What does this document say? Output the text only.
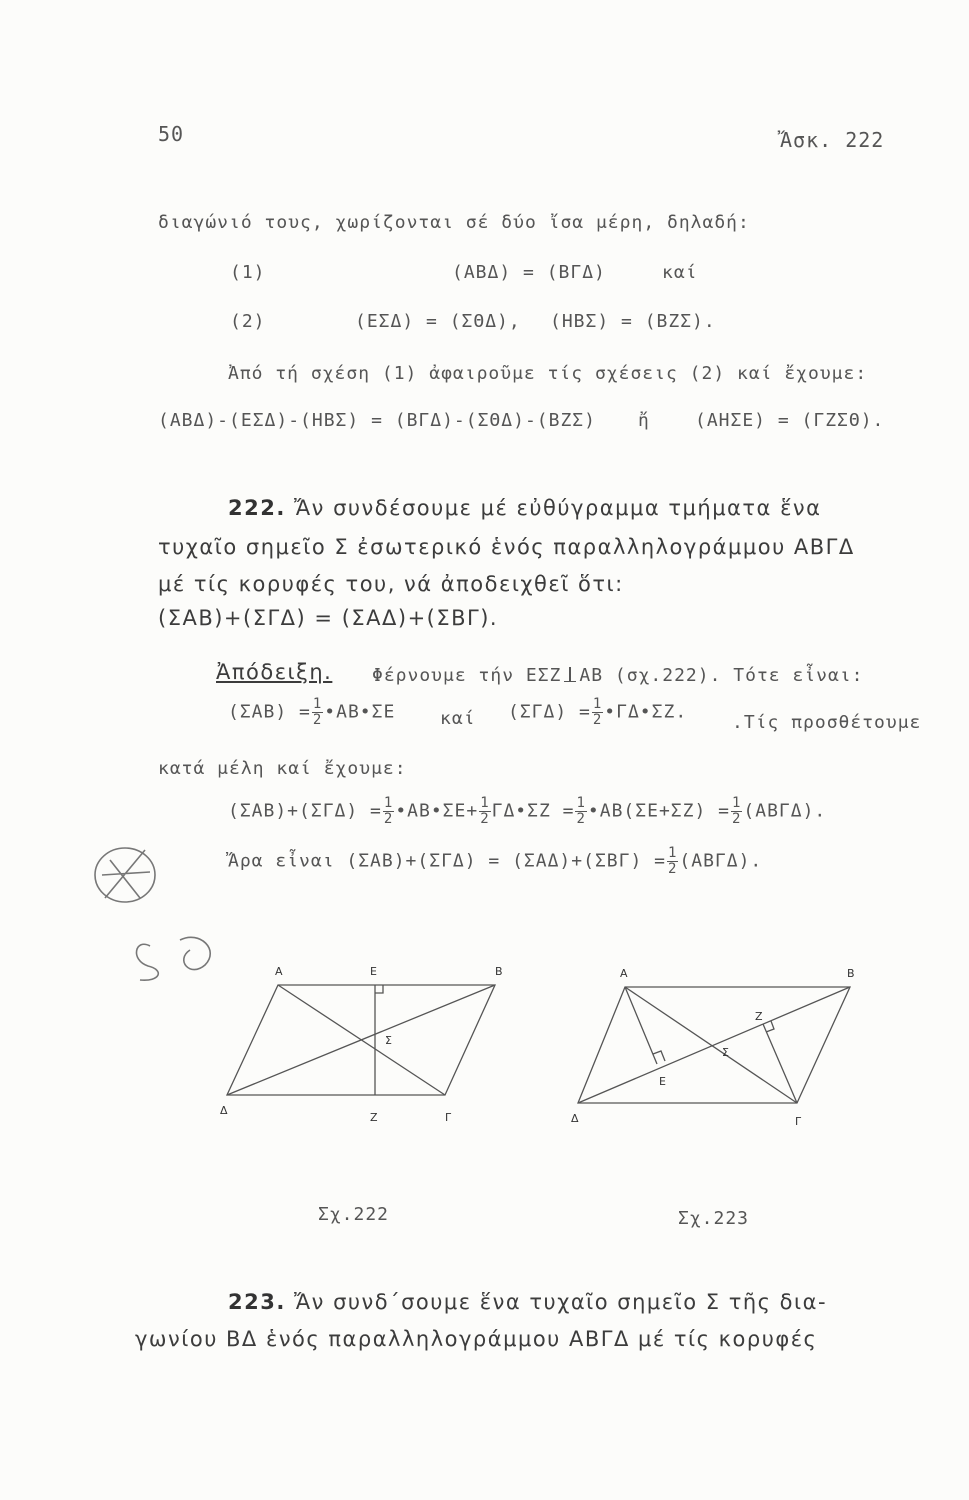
50	Ἄσκ. 222
διαγώνιό τους, χωρίζονται σέ δύο ἴσα μέρη, δηλαδή:
(1)	(ΑΒΔ) = (ΒΓΔ)	καί
(2)	(ΕΣΔ) = (ΣΘΔ), (ΗΒΣ) = (ΒΖΣ).
Ἀπό τή σχέση (1) ἀφαιροῦμε τίς σχέσεις (2) καί ἔχουμε:
(ΑΒΔ)-(ΕΣΔ)-(ΗΒΣ) = (ΒΓΔ)-(ΣΘΔ)-(ΒΖΣ) ἤ	(ΑΗΣΕ) = (ΓΖΣΘ).
222. Ἄν συνδέσουμε μέ εὐθύγραμμα τμήματα ἕνα
τυχαῖο σημεῖο Σ ἐσωτερικό ἑνός παραλληλογράμμου ΑΒΓΔ
μέ τίς κορυφές του, νά ἀποδειχθεῖ ὅτι:
(ΣΑΒ)+(ΣΓΔ) = (ΣΑΔ)+(ΣΒΓ).
Ἀπόδειξη. Φέρνουμε τήν ΕΣΖ ΑΒ (σχ.222). Τότε εἶναι:
$(\Sigma AB) = \frac{1}{2}$ •ΑΒ•ΣΕ καί $(\Sigma\Gamma\Delta) = \frac{1}{2}$ •ΓΔ•ΣΖ. .Τίς προσθέτουμε
κατά μέλη καί ἔχουμε:
$(\Sigma AB)+(\Sigma\Gamma\Delta) = \frac{1}{2}$ •ΑΒ•ΣΕ+ $\frac{1}{2}$ ΓΔ•ΣΖ = $\frac{1}{2}$ •ΑΒ(ΣΕ+ΣΖ) = $\frac{1}{2} (AB\Gamma\Delta)$.
Ἄρα εἶναι $(\Sigma AB)+(\Sigma\Gamma\Delta) = (\Sigma A\Delta)+(\Sigma B\Gamma) = \frac{1}{2} (AB\Gamma\Delta)$.
59
Α	Ε	Β
Σ
Δ
Ζ	Γ
Α	Β
Ζ
Σ
Ε
Δ	Γ
Σχ.222	Σχ.223
223. Ἄν συνδ΄σουμε ἕνα τυχαῖο σημεῖο Σ τῆς δια-
γωνίου ΒΔ ἑνός παραλληλογράμμου ΑΒΓΔ μέ τίς κορυφές
